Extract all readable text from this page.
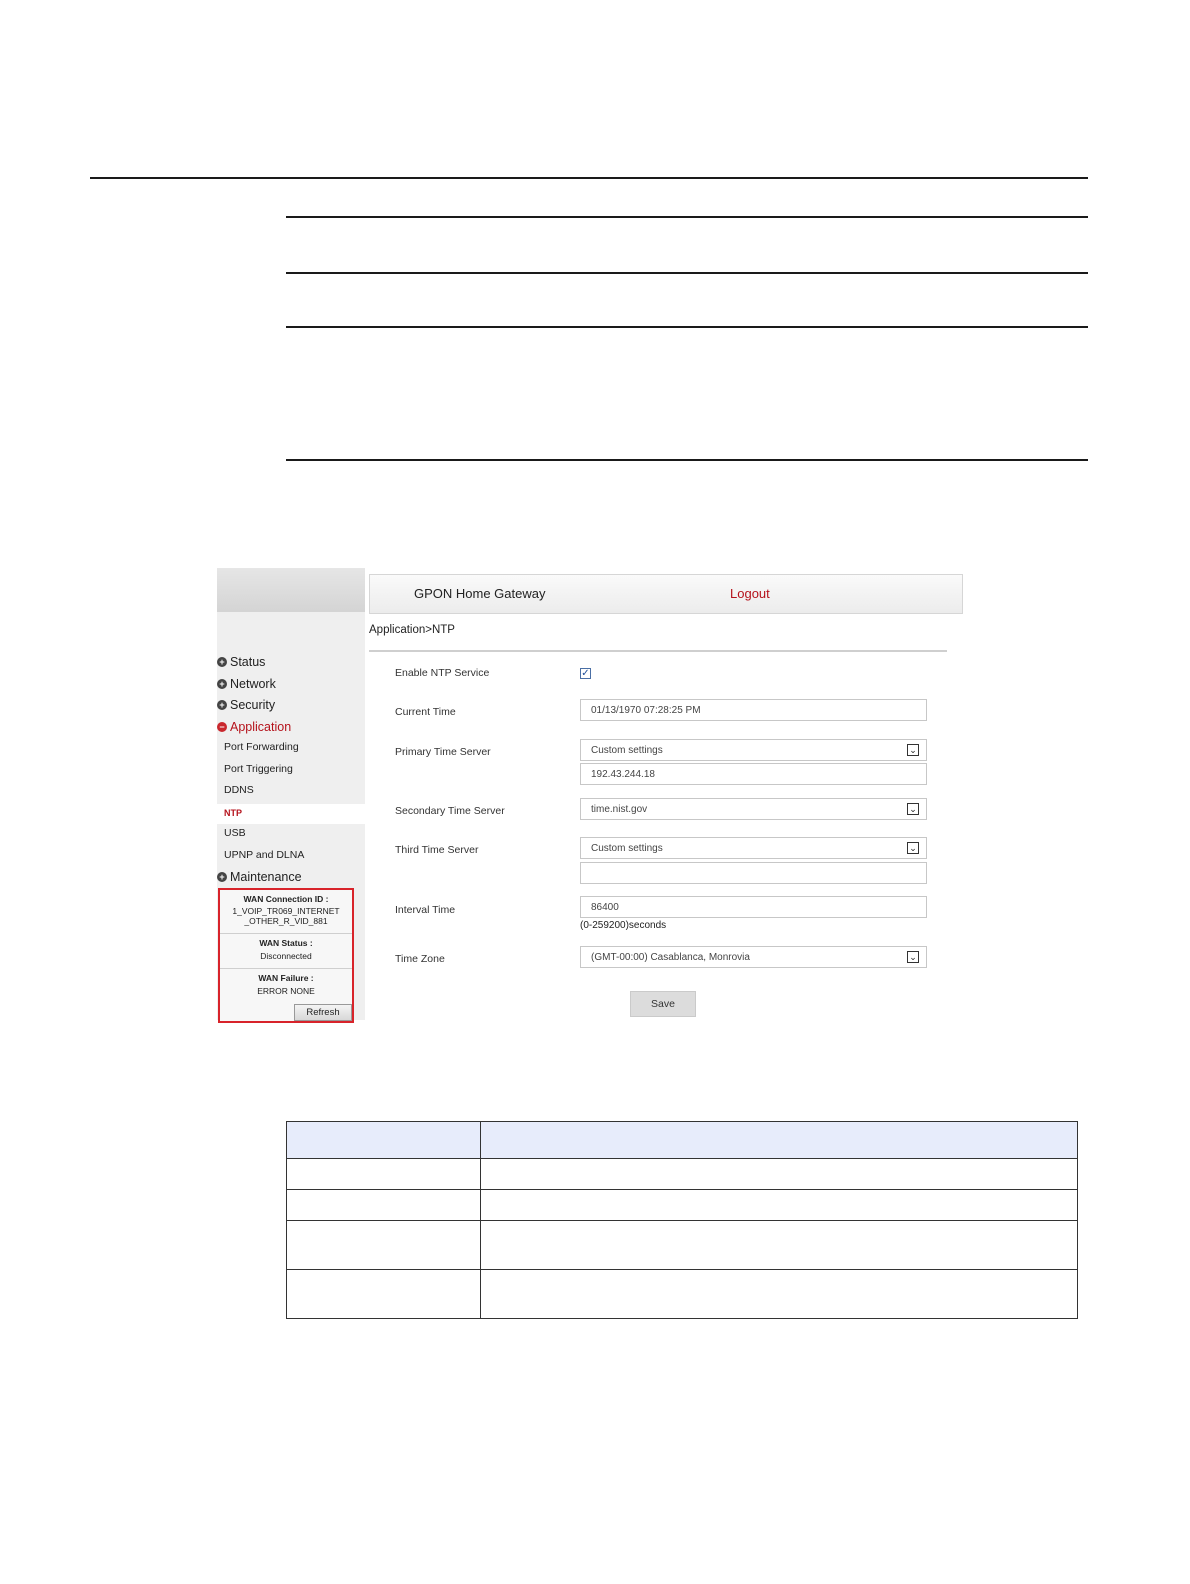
+ Status
+ Network
+ Security
− Application
Port Forwarding
Port Triggering
DDNS
NTP
USB
UPNP and DLNA
+ Maintenance
WAN Connection ID :
1_VOIP_TR069_INTERNET _OTHER_R_VID_881
WAN Status :
Disconnected
WAN Failure :
ERROR NONE
Refresh
GPON Home Gateway	Logout
Application>NTP
Enable NTP Service	✓
Current Time	01/13/1970 07:28:25 PM
Primary Time Server	Custom settings	⌄
192.43.244.18
Secondary Time Server	time.nist.gov	⌄
Third Time Server	Custom settings	⌄
Interval Time	86400
(0-259200)seconds
Time Zone	(GMT-00:00) Casablanca, Monrovia	⌄
Save
